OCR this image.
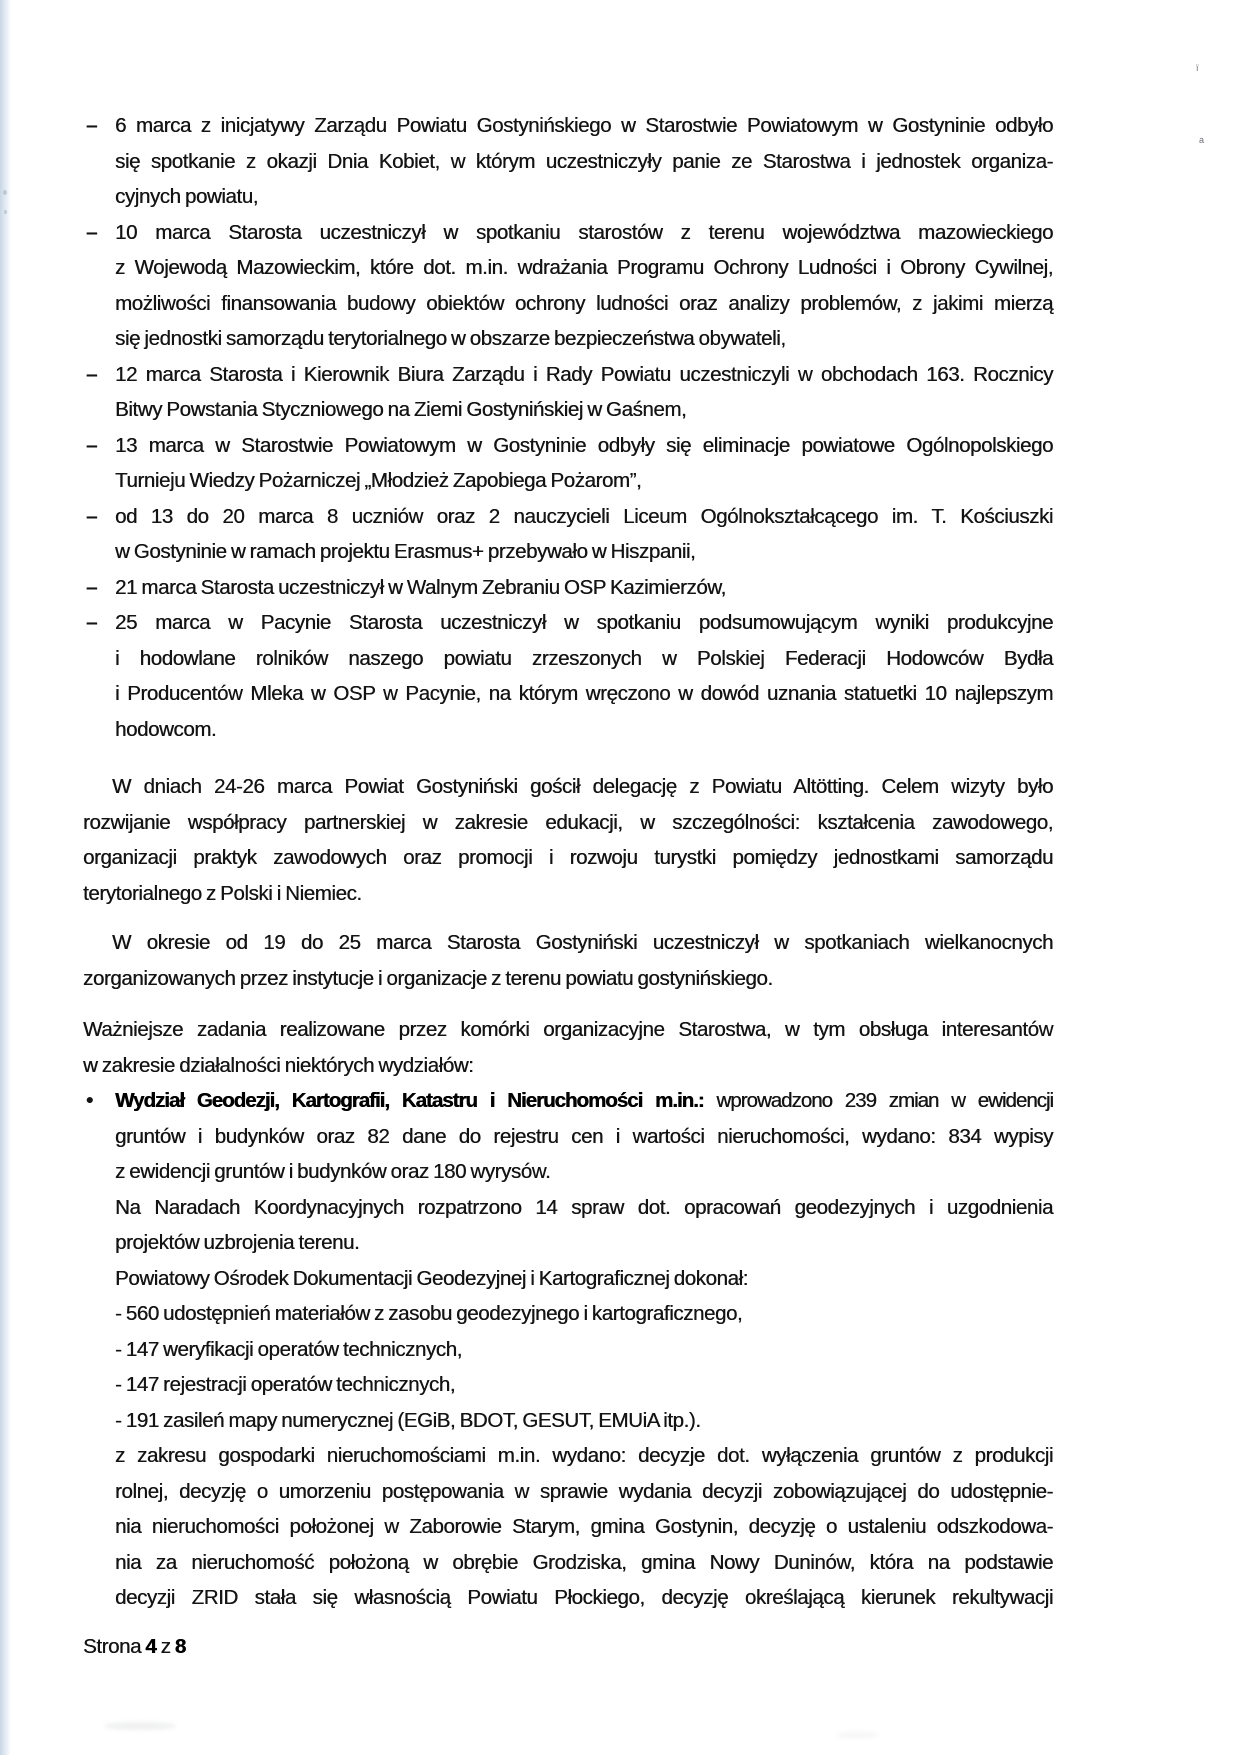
– 6 marca z inicjatywy Zarządu Powiatu Gostynińskiego w Starostwie Powiatowym w Gostyninie odbyło
się spotkanie z okazji Dnia Kobiet, w którym uczestniczyły panie ze Starostwa i jednostek organiza-
cyjnych powiatu,
– 10 marca Starosta uczestniczył w spotkaniu starostów z terenu województwa mazowieckiego
z Wojewodą Mazowieckim, które dot. m.in. wdrażania Programu Ochrony Ludności i Obrony Cywilnej,
możliwości finansowania budowy obiektów ochrony ludności oraz analizy problemów, z jakimi mierzą
się jednostki samorządu terytorialnego w obszarze bezpieczeństwa obywateli,
– 12 marca Starosta i Kierownik Biura Zarządu i Rady Powiatu uczestniczyli w obchodach 163. Rocznicy
Bitwy Powstania Styczniowego na Ziemi Gostynińskiej w Gaśnem,
– 13 marca w Starostwie Powiatowym w Gostyninie odbyły się eliminacje powiatowe Ogólnopolskiego
Turnieju Wiedzy Pożarniczej „Młodzież Zapobiega Pożarom”,
– od 13 do 20 marca 8 uczniów oraz 2 nauczycieli Liceum Ogólnokształcącego im. T. Kościuszki
w Gostyninie w ramach projektu Erasmus+ przebywało w Hiszpanii,
– 21 marca Starosta uczestniczył w Walnym Zebraniu OSP Kazimierzów,
– 25 marca w Pacynie Starosta uczestniczył w spotkaniu podsumowującym wyniki produkcyjne
i hodowlane rolników naszego powiatu zrzeszonych w Polskiej Federacji Hodowców Bydła
i Producentów Mleka w OSP w Pacynie, na którym wręczono w dowód uznania statuetki 10 najlepszym
hodowcom.
W dniach 24-26 marca Powiat Gostyniński gościł delegację z Powiatu Altötting. Celem wizyty było
rozwijanie współpracy partnerskiej w zakresie edukacji, w szczególności: kształcenia zawodowego,
organizacji praktyk zawodowych oraz promocji i rozwoju turystki pomiędzy jednostkami samorządu
terytorialnego z Polski i Niemiec.
W okresie od 19 do 25 marca Starosta Gostyniński uczestniczył w spotkaniach wielkanocnych
zorganizowanych przez instytucje i organizacje z terenu powiatu gostynińskiego.
Ważniejsze zadania realizowane przez komórki organizacyjne Starostwa, w tym obsługa interesantów
w zakresie działalności niektórych wydziałów:
• Wydział Geodezji, Kartografii, Katastru i Nieruchomości m.in.: wprowadzono 239 zmian w ewidencji
gruntów i budynków oraz 82 dane do rejestru cen i wartości nieruchomości, wydano: 834 wypisy
z ewidencji gruntów i budynków oraz 180 wyrysów.
Na Naradach Koordynacyjnych rozpatrzono 14 spraw dot. opracowań geodezyjnych i uzgodnienia
projektów uzbrojenia terenu.
Powiatowy Ośrodek Dokumentacji Geodezyjnej i Kartograficznej dokonał:
- 560 udostępnień materiałów z zasobu geodezyjnego i kartograficznego,
- 147 weryfikacji operatów technicznych,
- 147 rejestracji operatów technicznych,
- 191 zasileń mapy numerycznej (EGiB, BDOT, GESUT, EMUiA itp.).
z zakresu gospodarki nieruchomościami m.in. wydano: decyzje dot. wyłączenia gruntów z produkcji
rolnej, decyzję o umorzeniu postępowania w sprawie wydania decyzji zobowiązującej do udostępnie-
nia nieruchomości położonej w Zaborowie Starym, gmina Gostynin, decyzję o ustaleniu odszkodowa-
nia za nieruchomość położoną w obrębie Grodziska, gmina Nowy Duninów, która na podstawie
decyzji ZRID stała się własnością Powiatu Płockiego, decyzję określającą kierunek rekultywacji
Strona 4 z 8
ï
a
